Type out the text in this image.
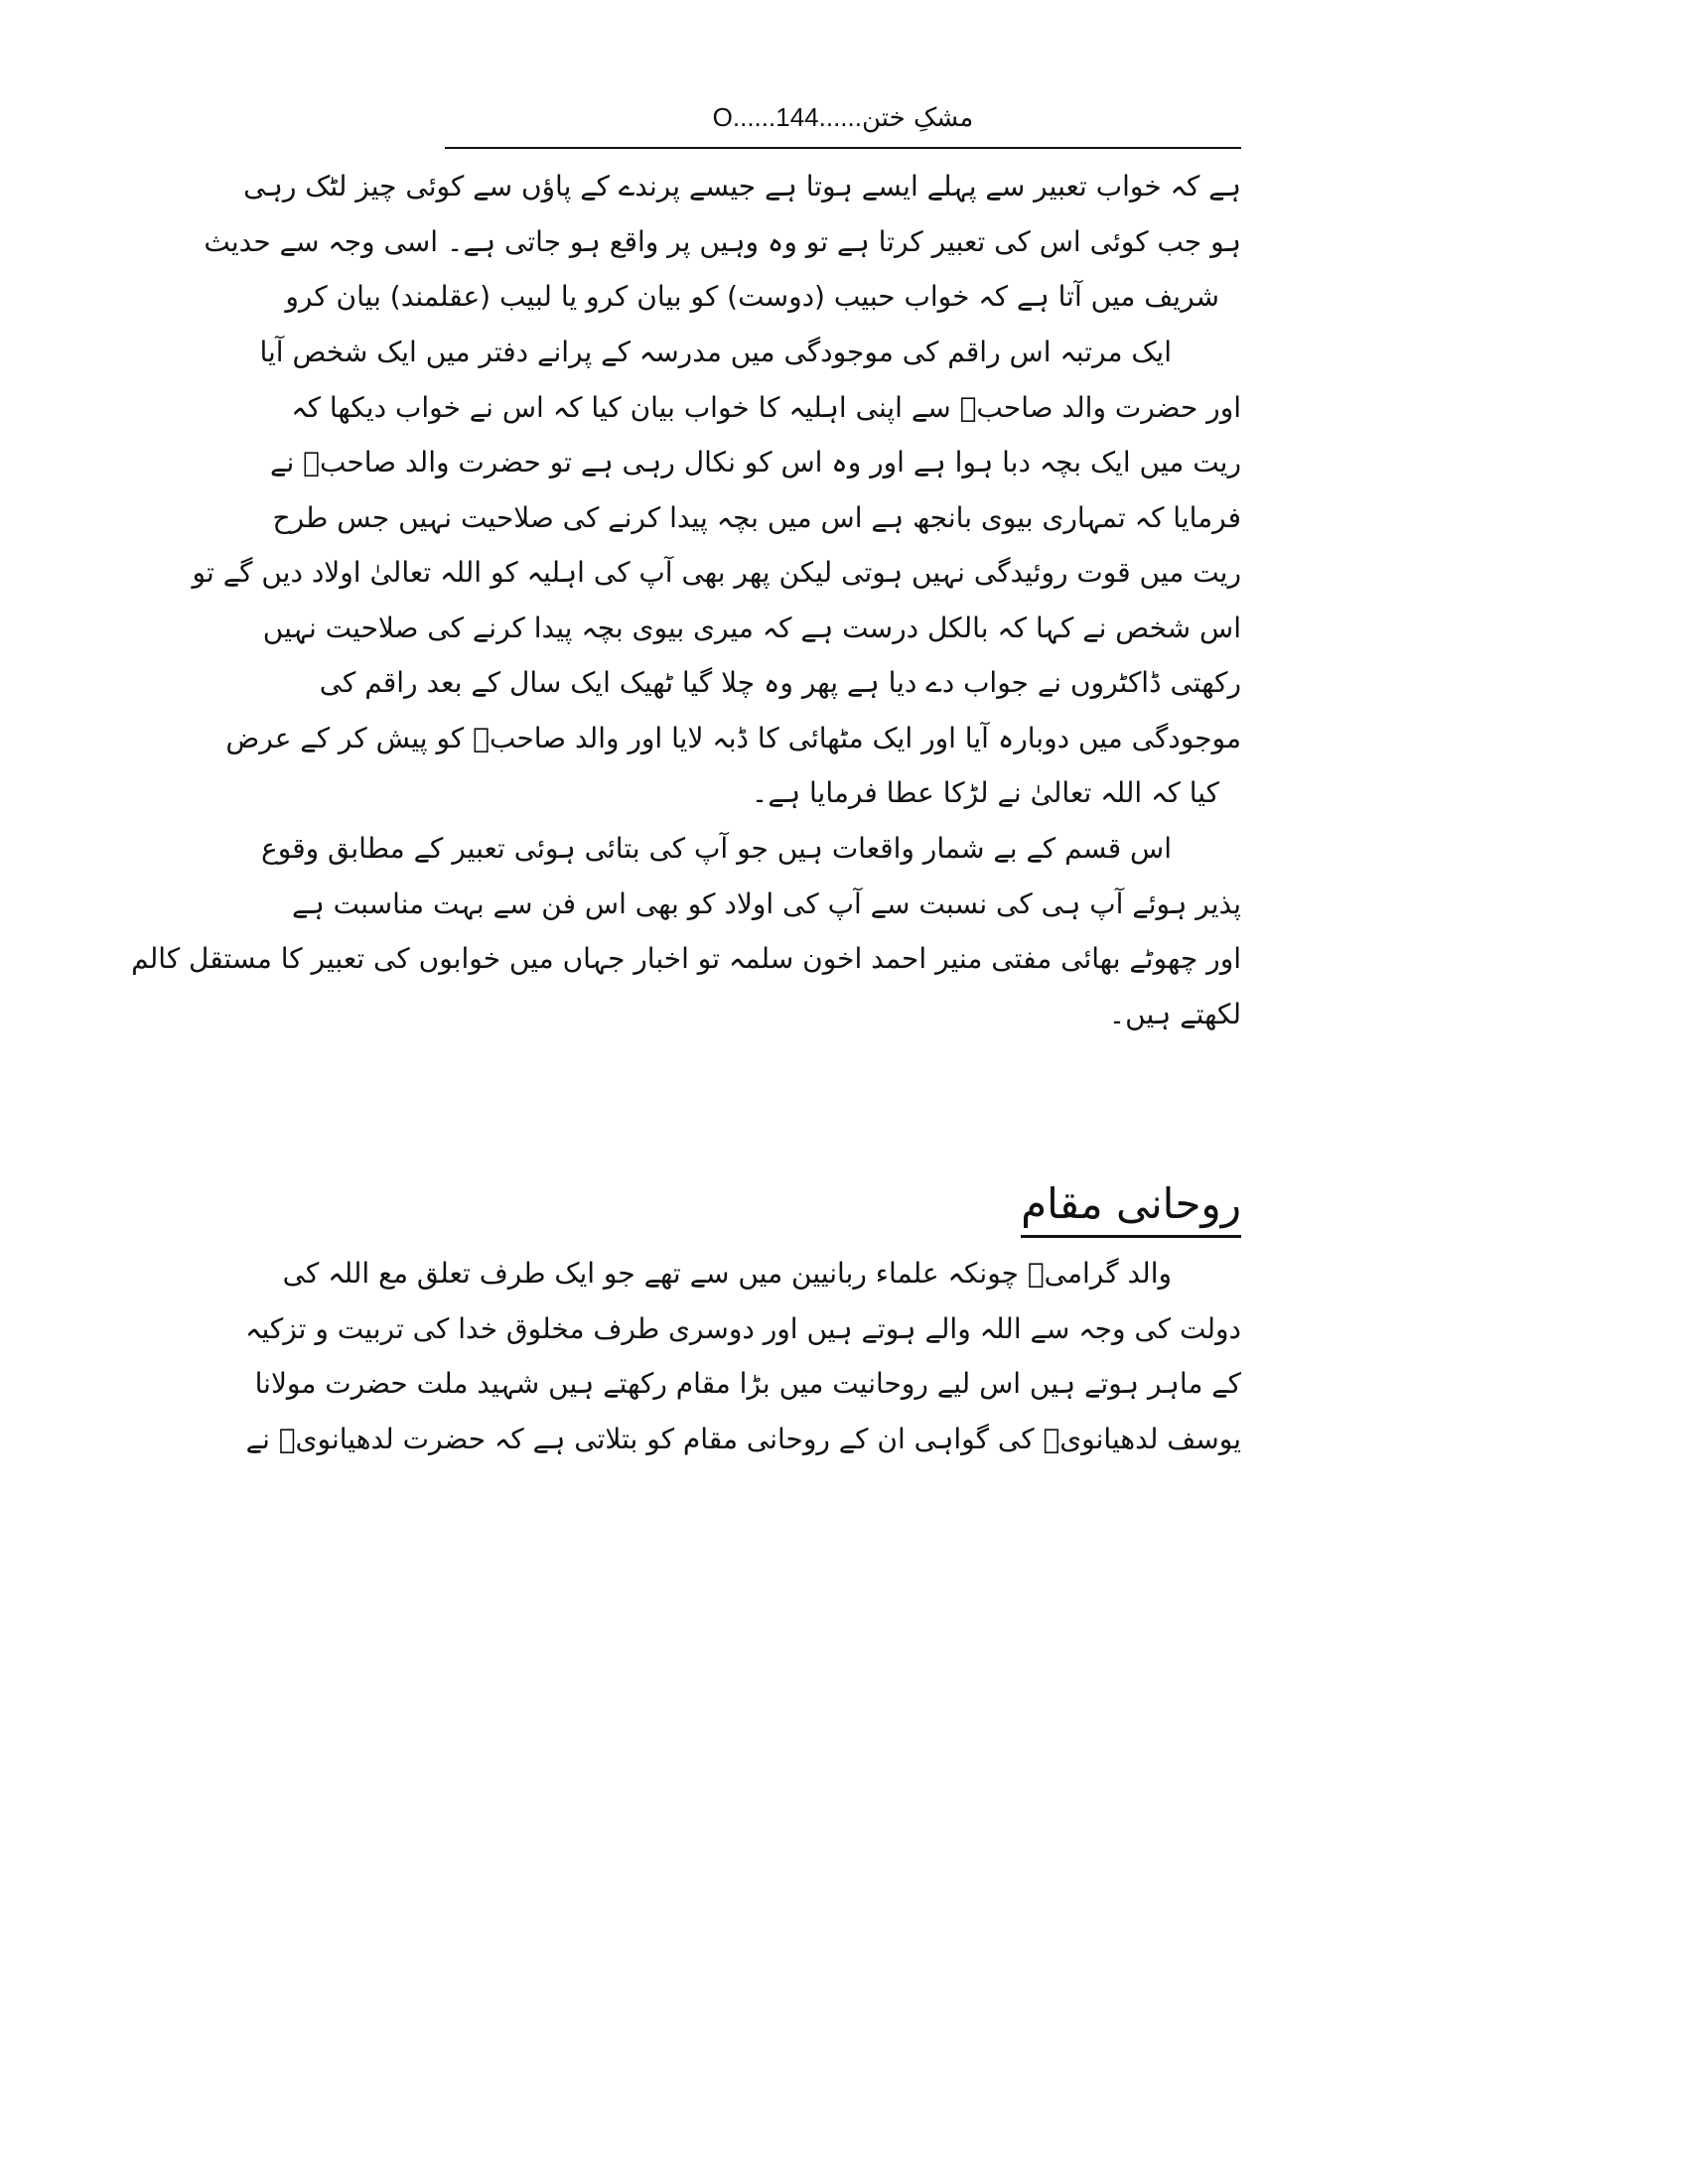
مشکِ ختن......O......144
ہے کہ خواب تعبیر سے پہلے ایسے ہوتا ہے جیسے پرندے کے پاؤں سے کوئی چیز لٹک رہی
ہو جب کوئی اس کی تعبیر کرتا ہے تو وہ وہیں پر واقع ہو جاتی ہے۔ اسی وجہ سے حدیث
شریف میں آتا ہے کہ خواب حبیب (دوست) کو بیان کرو یا لبیب (عقلمند) بیان کرو
ایک مرتبہ اس راقم کی موجودگی میں مدرسہ کے پرانے دفتر میں ایک شخص آیا
اور حضرت والد صاحبؒ سے اپنی اہلیہ کا خواب بیان کیا کہ اس نے خواب دیکھا کہ
ریت میں ایک بچہ دبا ہوا ہے اور وہ اس کو نکال رہی ہے تو حضرت والد صاحبؒ نے
فرمایا کہ تمہاری بیوی بانجھ ہے اس میں بچہ پیدا کرنے کی صلاحیت نہیں جس طرح
ریت میں قوت روئیدگی نہیں ہوتی لیکن پھر بھی آپ کی اہلیہ کو اللہ تعالیٰ اولاد دیں گے تو
اس شخص نے کہا کہ بالکل درست ہے کہ میری بیوی بچہ پیدا کرنے کی صلاحیت نہیں
رکھتی ڈاکٹروں نے جواب دے دیا ہے پھر وہ چلا گیا ٹھیک ایک سال کے بعد راقم کی
موجودگی میں دوبارہ آیا اور ایک مٹھائی کا ڈبہ لایا اور والد صاحبؒ کو پیش کر کے عرض
کیا کہ اللہ تعالیٰ نے لڑکا عطا فرمایا ہے۔
اس قسم کے بے شمار واقعات ہیں جو آپ کی بتائی ہوئی تعبیر کے مطابق وقوع
پذیر ہوئے آپ ہی کی نسبت سے آپ کی اولاد کو بھی اس فن سے بہت مناسبت ہے
اور چھوٹے بھائی مفتی منیر احمد اخون سلمہ تو اخبار جہاں میں خوابوں کی تعبیر کا مستقل کالم
لکھتے ہیں۔
روحانی مقام
والد گرامیؒ چونکہ علماء ربانیین میں سے تھے جو ایک طرف تعلق مع اللہ کی
دولت کی وجہ سے اللہ والے ہوتے ہیں اور دوسری طرف مخلوق خدا کی تربیت و تزکیہ
کے ماہر ہوتے ہیں اس لیے روحانیت میں بڑا مقام رکھتے ہیں شہید ملت حضرت مولانا
یوسف لدھیانویؒ کی گواہی ان کے روحانی مقام کو بتلاتی ہے کہ حضرت لدھیانویؒ نے
